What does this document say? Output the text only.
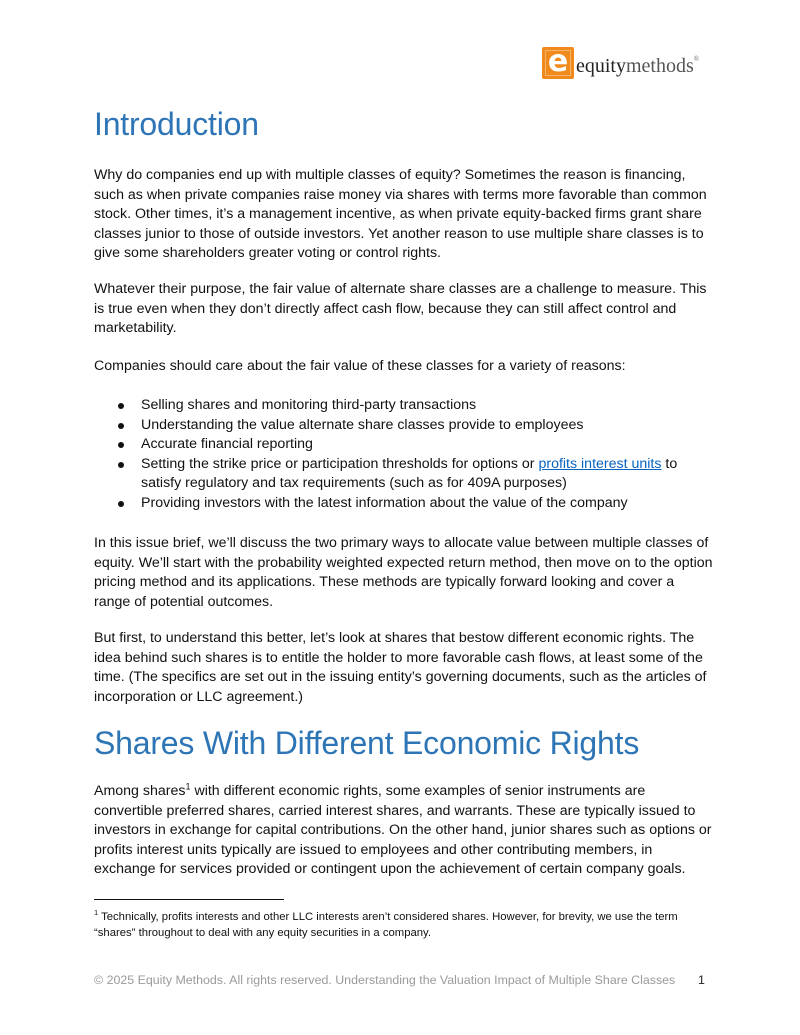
e equitymethods®
Introduction

Why do companies end up with multiple classes of equity? Sometimes the reason is financing, such as when private companies raise money via shares with terms more favorable than common stock. Other times, it’s a management incentive, as when private equity-backed firms grant share classes junior to those of outside investors. Yet another reason to use multiple share classes is to give some shareholders greater voting or control rights.

Whatever their purpose, the fair value of alternate share classes are a challenge to measure. This is true even when they don’t directly affect cash flow, because they can still affect control and marketability.

Companies should care about the fair value of these classes for a variety of reasons:

Selling shares and monitoring third-party transactions
Understanding the value alternate share classes provide to employees
Accurate financial reporting
Setting the strike price or participation thresholds for options or profits interest units to satisfy regulatory and tax requirements (such as for 409A purposes)
Providing investors with the latest information about the value of the company

In this issue brief, we’ll discuss the two primary ways to allocate value between multiple classes of equity. We’ll start with the probability weighted expected return method, then move on to the option pricing method and its applications. These methods are typically forward looking and cover a range of potential outcomes.

But first, to understand this better, let’s look at shares that bestow different economic rights. The idea behind such shares is to entitle the holder to more favorable cash flows, at least some of the time. (The specifics are set out in the issuing entity’s governing documents, such as the articles of incorporation or LLC agreement.)

Shares With Different Economic Rights

Among shares$^1$ with different economic rights, some examples of senior instruments are convertible preferred shares, carried interest shares, and warrants. These are typically issued to investors in exchange for capital contributions. On the other hand, junior shares such as options or profits interest units typically are issued to employees and other contributing members, in exchange for services provided or contingent upon the achievement of certain company goals.

$^1$ Technically, profits interests and other LLC interests aren’t considered shares. However, for brevity, we use the term “shares” throughout to deal with any equity securities in a company.

© 2025 Equity Methods. All rights reserved. Understanding the Valuation Impact of Multiple Share Classes 1
